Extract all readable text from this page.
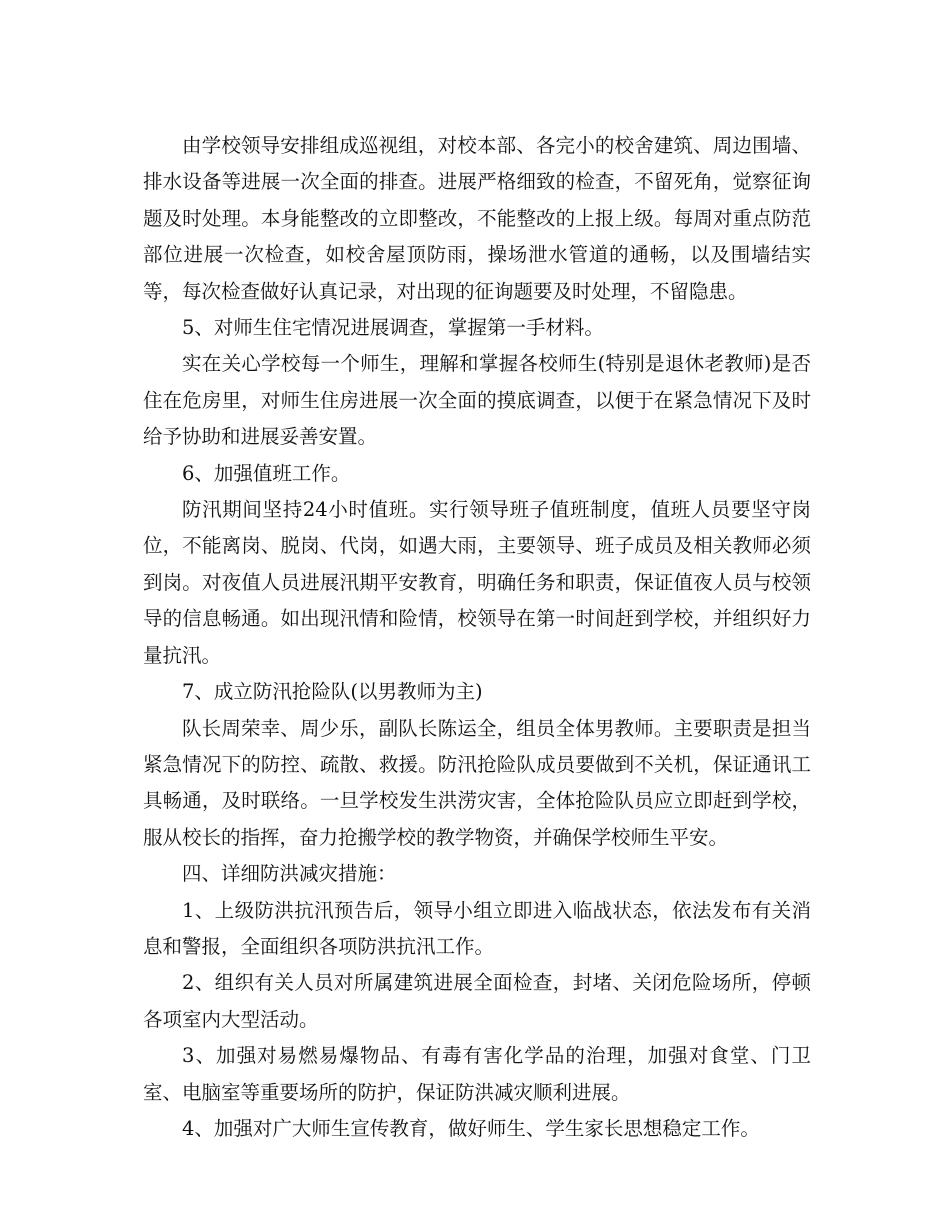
由学校领导安排组成巡视组，对校本部、各完小的校舍建筑、周边围墙、排水设备等进展一次全面的排查。进展严格细致的检查，不留死角，觉察征询题及时处理。本身能整改的立即整改，不能整改的上报上级。每周对重点防范部位进展一次检查，如校舍屋顶防雨，操场泄水管道的通畅，以及围墙结实等，每次检查做好认真记录，对出现的征询题要及时处理，不留隐患。

5、对师生住宅情况进展调查，掌握第一手材料。

实在关心学校每一个师生，理解和掌握各校师生(特别是退休老教师)是否住在危房里，对师生住房进展一次全面的摸底调查，以便于在紧急情况下及时给予协助和进展妥善安置。

6、加强值班工作。

防汛期间坚持24小时值班。实行领导班子值班制度，值班人员要坚守岗位，不能离岗、脱岗、代岗，如遇大雨，主要领导、班子成员及相关教师必须到岗。对夜值人员进展汛期平安教育，明确任务和职责，保证值夜人员与校领导的信息畅通。如出现汛情和险情，校领导在第一时间赶到学校，并组织好力量抗汛。

7、成立防汛抢险队(以男教师为主)

队长周荣幸、周少乐，副队长陈运全，组员全体男教师。主要职责是担当紧急情况下的防控、疏散、救援。防汛抢险队成员要做到不关机，保证通讯工具畅通，及时联络。一旦学校发生洪涝灾害，全体抢险队员应立即赶到学校，服从校长的指挥，奋力抢搬学校的教学物资，并确保学校师生平安。

四、详细防洪减灾措施：

1、上级防洪抗汛预告后，领导小组立即进入临战状态，依法发布有关消息和警报，全面组织各项防洪抗汛工作。

2、组织有关人员对所属建筑进展全面检查，封堵、关闭危险场所，停顿各项室内大型活动。

3、加强对易燃易爆物品、有毒有害化学品的治理，加强对食堂、门卫室、电脑室等重要场所的防护，保证防洪减灾顺利进展。

4、加强对广大师生宣传教育，做好师生、学生家长思想稳定工作。
